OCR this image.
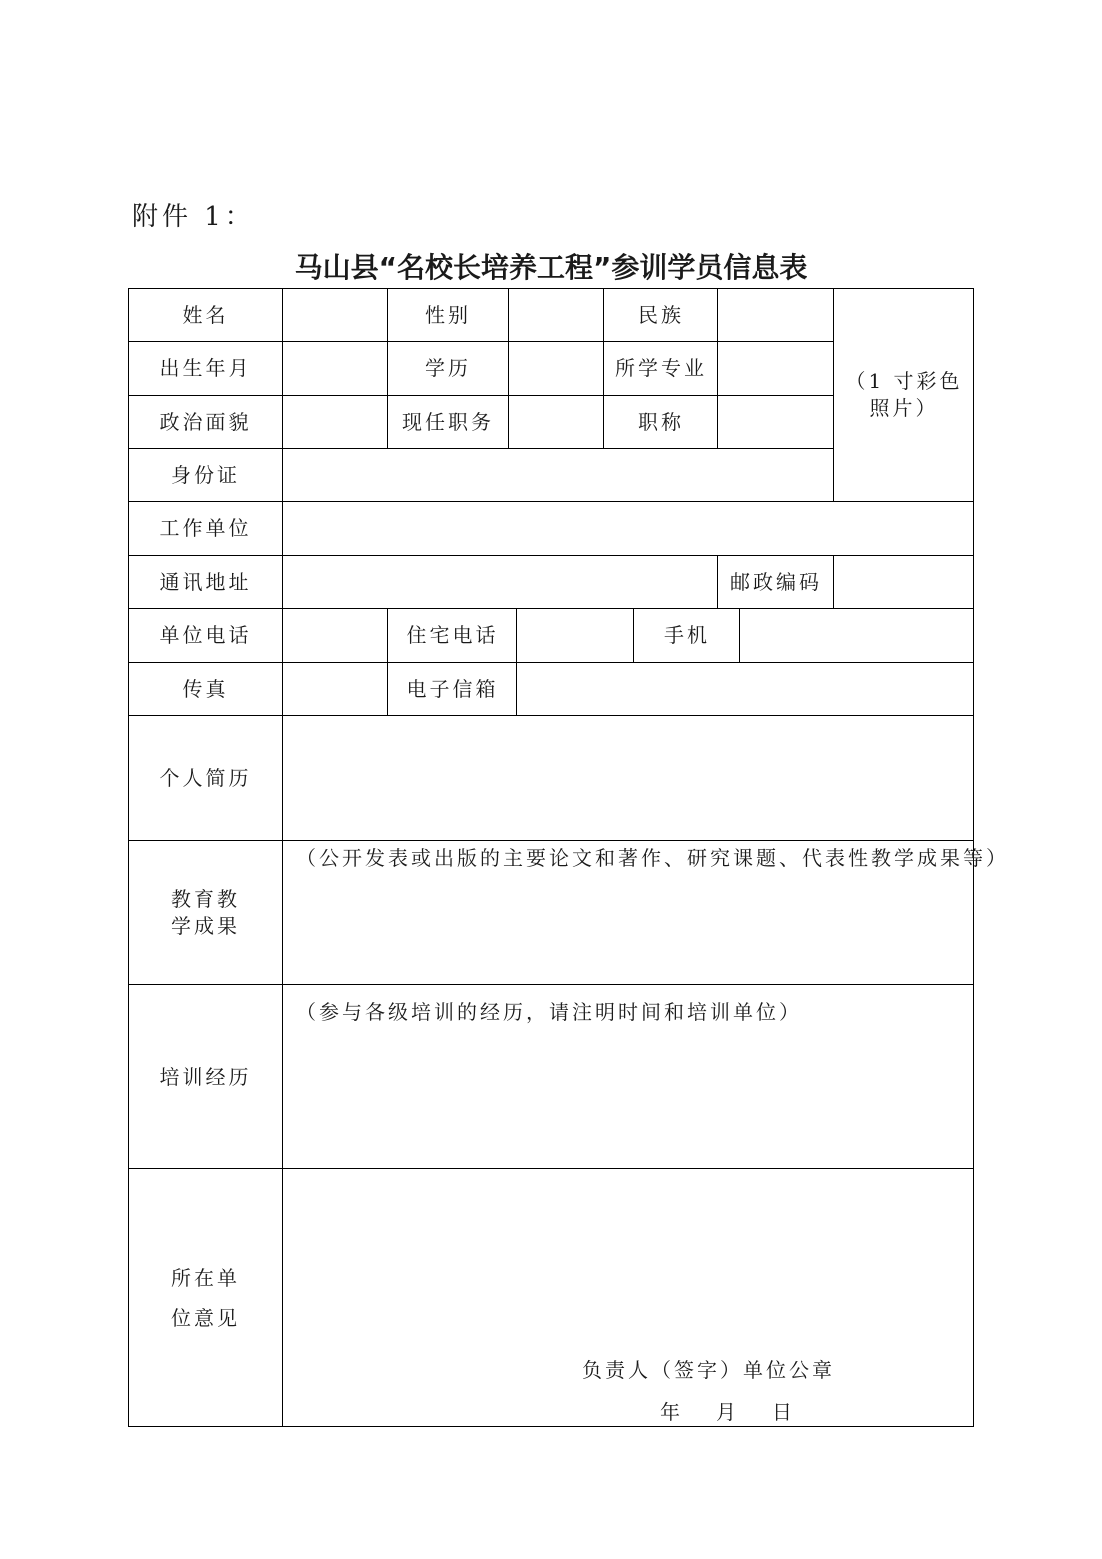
附件 1：
马山县“名校长培养工程”参训学员信息表
姓名	性别	民族
（1 寸彩色
照片）
出生年月	学历	所学专业
政治面貌	现任职务	职称
身份证
工作单位
通讯地址	邮政编码
单位电话	住宅电话	手机
传真	电子信箱
个人简历
教育教
学成果
（公开发表或出版的主要论文和著作、研究课题、代表性教学成果等）
培训经历
（参与各级培训的经历，请注明时间和培训单位）
所在单
位意见
负责人（签字）单位公章
年　月　日
